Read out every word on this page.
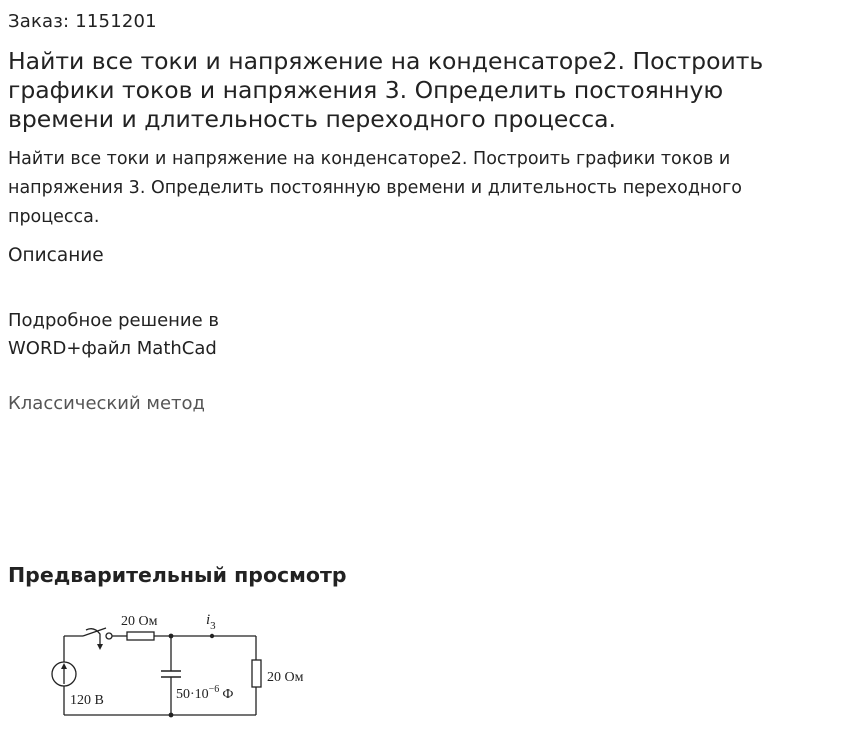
Заказ: 1151201
Найти все токи и напряжение на конденсаторе2. Построить графики токов и напряжения 3. Определить постоянную времени и длительность переходного процесса.

Найти все токи и напряжение на конденсаторе2. Построить графики токов и напряжения 3. Определить постоянную времени и длительность переходного процесса.

Описание
Подробное решение в
WORD+файл MathCad
Классический метод
Предварительный просмотр
20 Ом	$i_3$
20 Ом
$50\cdot 10^{-6}$ Ф
120 В
